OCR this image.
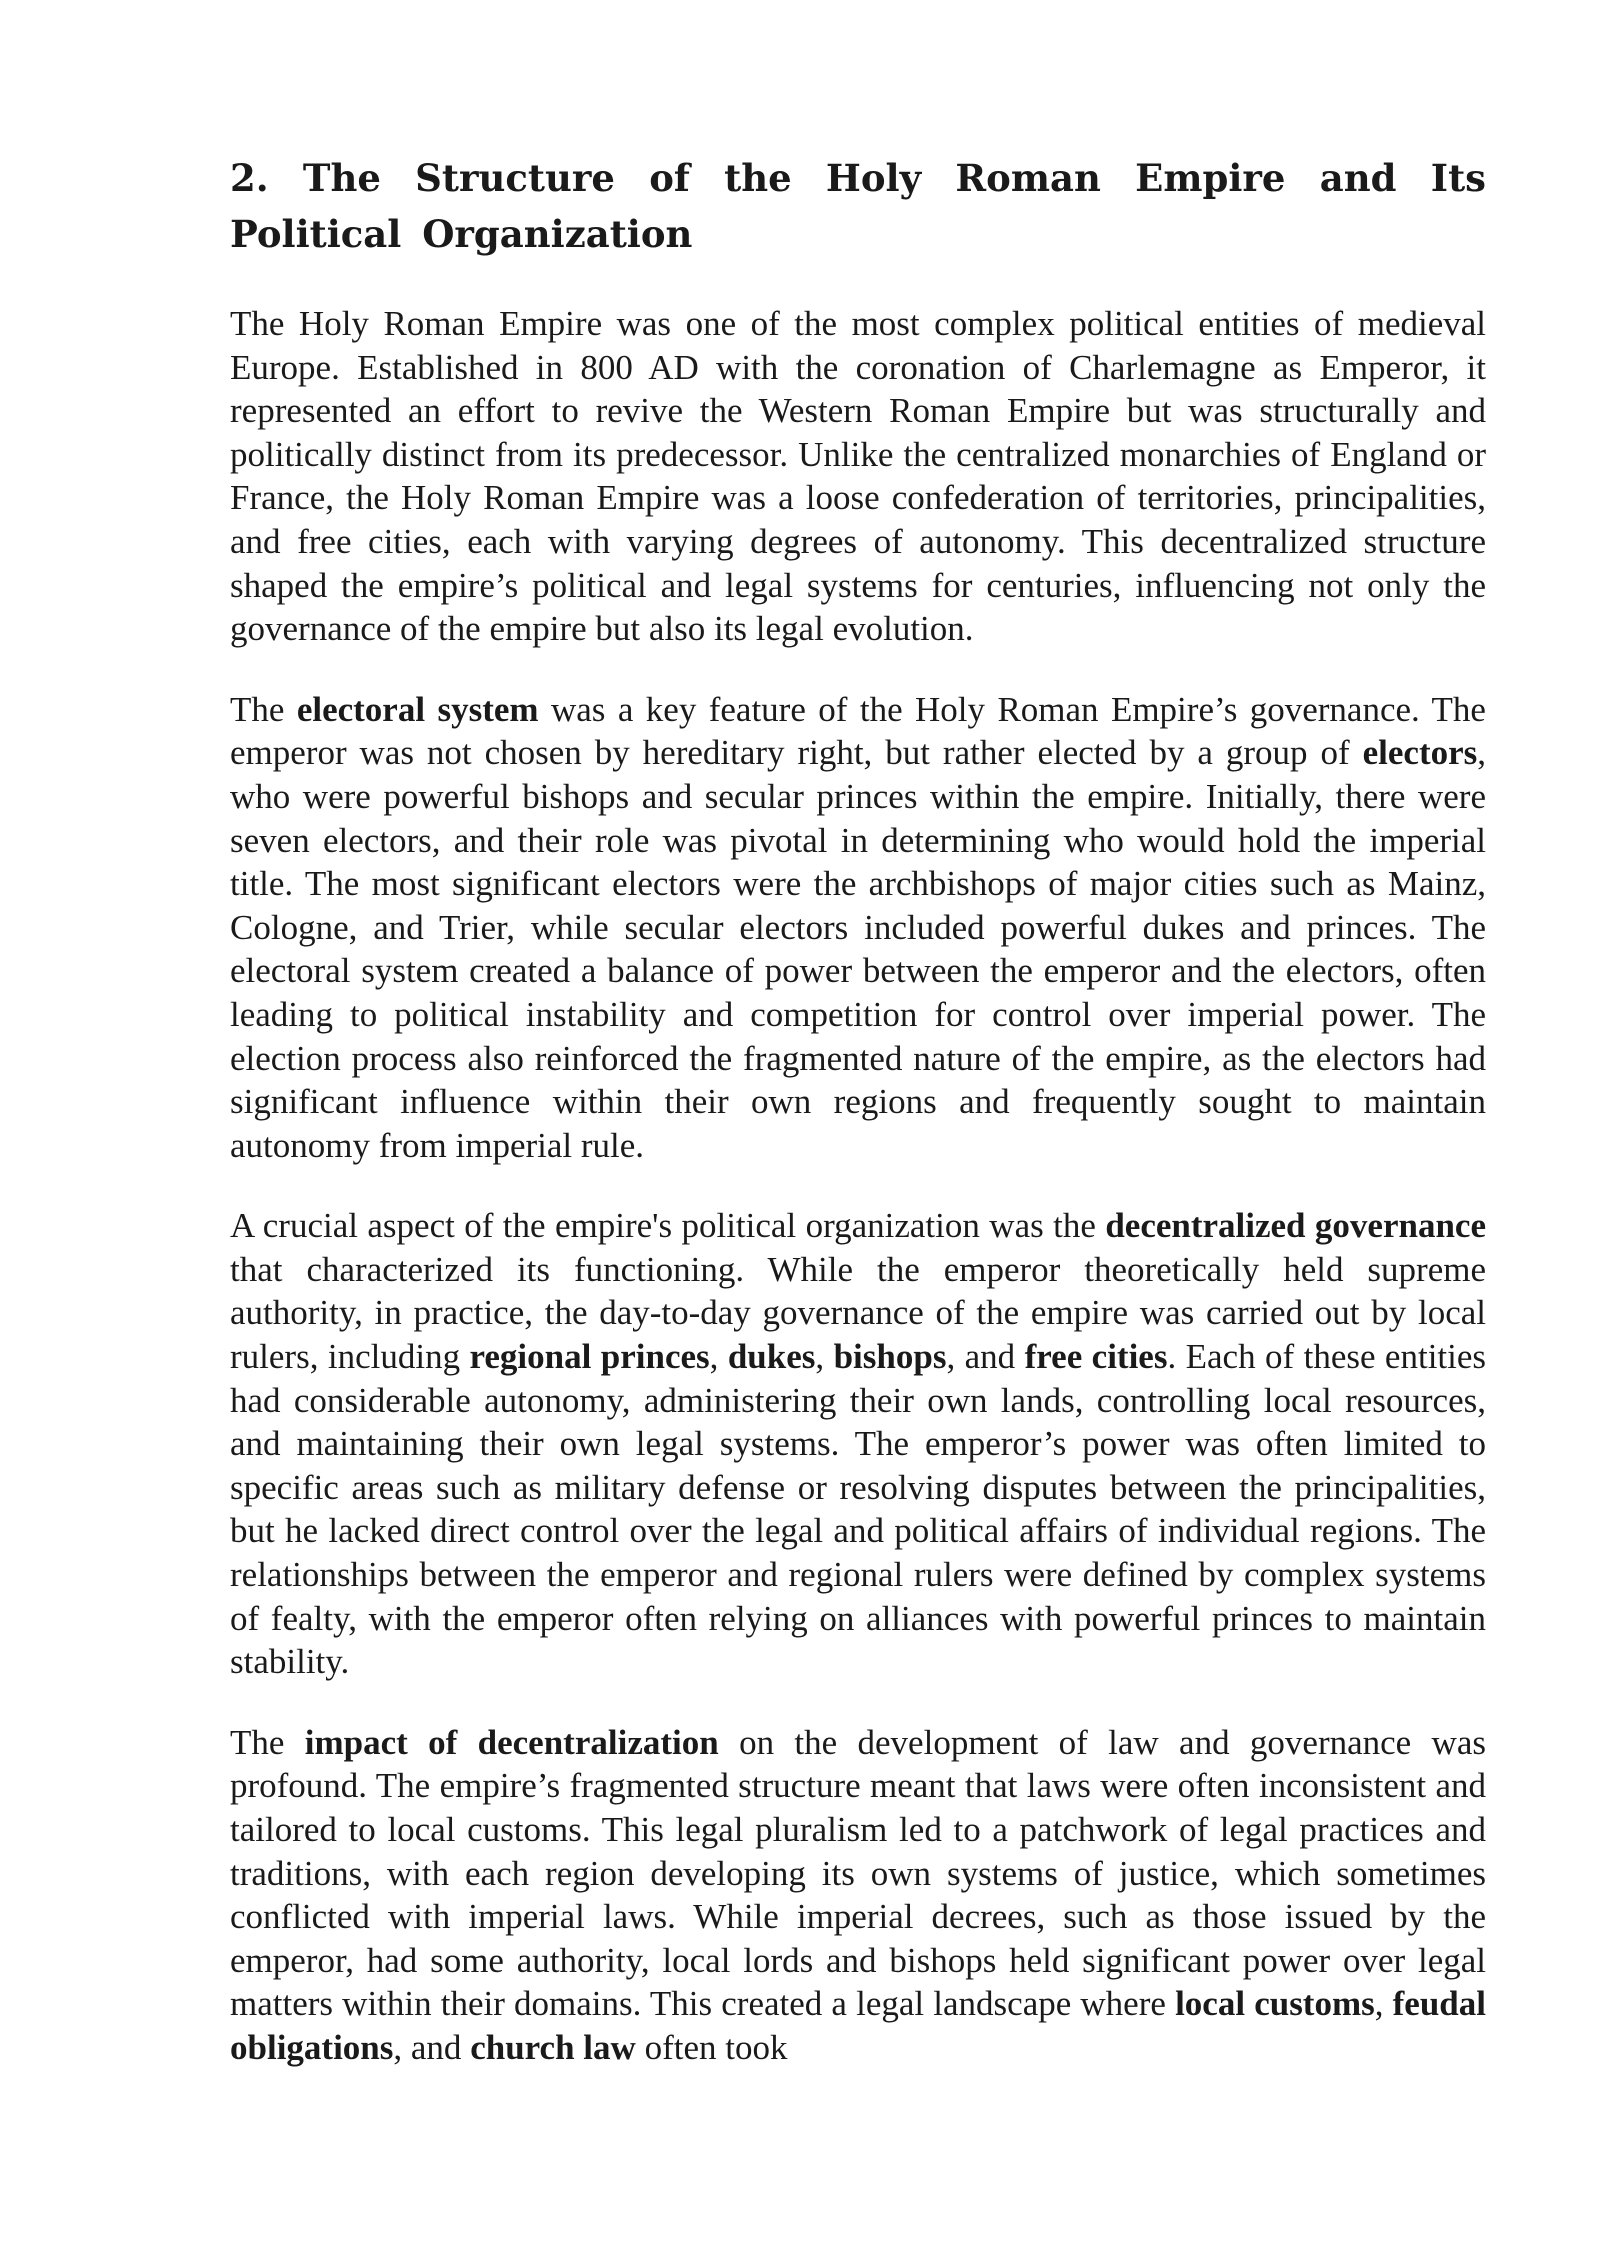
2. The Structure of the Holy Roman Empire and Its Political Organization

The Holy Roman Empire was one of the most complex political entities of medieval Europe. Established in 800 AD with the coronation of Charlemagne as Emperor, it represented an effort to revive the Western Roman Empire but was structurally and politically distinct from its predecessor. Unlike the centralized monarchies of England or France, the Holy Roman Empire was a loose confederation of territories, principalities, and free cities, each with varying degrees of autonomy. This decentralized structure shaped the empire’s political and legal systems for centuries, influencing not only the governance of the empire but also its legal evolution.

The electoral system was a key feature of the Holy Roman Empire’s governance. The emperor was not chosen by hereditary right, but rather elected by a group of electors, who were powerful bishops and secular princes within the empire. Initially, there were seven electors, and their role was pivotal in determining who would hold the imperial title. The most significant electors were the archbishops of major cities such as Mainz, Cologne, and Trier, while secular electors included powerful dukes and princes. The electoral system created a balance of power between the emperor and the electors, often leading to political instability and competition for control over imperial power. The election process also reinforced the fragmented nature of the empire, as the electors had significant influence within their own regions and frequently sought to maintain autonomy from imperial rule.

A crucial aspect of the empire's political organization was the decentralized governance that characterized its functioning. While the emperor theoretically held supreme authority, in practice, the day-to-day governance of the empire was carried out by local rulers, including regional princes, dukes, bishops, and free cities. Each of these entities had considerable autonomy, administering their own lands, controlling local resources, and maintaining their own legal systems. The emperor’s power was often limited to specific areas such as military defense or resolving disputes between the principalities, but he lacked direct control over the legal and political affairs of individual regions. The relationships between the emperor and regional rulers were defined by complex systems of fealty, with the emperor often relying on alliances with powerful princes to maintain stability.

The impact of decentralization on the development of law and governance was profound. The empire’s fragmented structure meant that laws were often inconsistent and tailored to local customs. This legal pluralism led to a patchwork of legal practices and traditions, with each region developing its own systems of justice, which sometimes conflicted with imperial laws. While imperial decrees, such as those issued by the emperor, had some authority, local lords and bishops held significant power over legal matters within their domains. This created a legal landscape where local customs, feudal obligations, and church law often took
